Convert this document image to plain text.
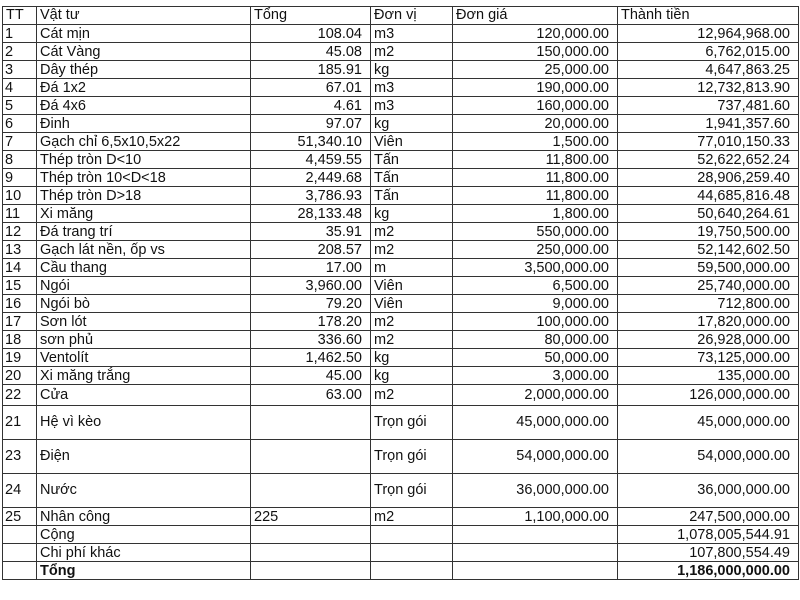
TT	Vật tư	Tổng	Đơn vị	Đơn giá	Thành tiền
1	Cát mịn	108.04	m3	120,000.00	12,964,968.00
2	Cát Vàng	45.08	m2	150,000.00	6,762,015.00
3	Dây thép	185.91	kg	25,000.00	4,647,863.25
4	Đá 1x2	67.01	m3	190,000.00	12,732,813.90
5	Đá 4x6	4.61	m3	160,000.00	737,481.60
6	Đinh	97.07	kg	20,000.00	1,941,357.60
7	Gạch chỉ 6,5x10,5x22	51,340.10	Viên	1,500.00	77,010,150.33
8	Thép tròn D<10	4,459.55	Tấn	11,800.00	52,622,652.24
9	Thép tròn 10<D<18	2,449.68	Tấn	11,800.00	28,906,259.40
10	Thép tròn D>18	3,786.93	Tấn	11,800.00	44,685,816.48
11	Xi măng	28,133.48	kg	1,800.00	50,640,264.61
12	Đá trang trí	35.91	m2	550,000.00	19,750,500.00
13	Gạch lát nền, ốp vs	208.57	m2	250,000.00	52,142,602.50
14	Cầu thang	17.00	m	3,500,000.00	59,500,000.00
15	Ngói	3,960.00	Viên	6,500.00	25,740,000.00
16	Ngói bò	79.20	Viên	9,000.00	712,800.00
17	Sơn lót	178.20	m2	100,000.00	17,820,000.00
18	sơn phủ	336.60	m2	80,000.00	26,928,000.00
19	Ventolít	1,462.50	kg	50,000.00	73,125,000.00
20	Xi măng trắng	45.00	kg	3,000.00	135,000.00
22	Cửa	63.00	m2	2,000,000.00	126,000,000.00
21	Hệ vì kèo		Trọn gói	45,000,000.00	45,000,000.00
23	Điện		Trọn gói	54,000,000.00	54,000,000.00
24	Nước		Trọn gói	36,000,000.00	36,000,000.00
25	Nhân công	225	m2	1,100,000.00	247,500,000.00
	Cộng				1,078,005,544.91
	Chi phí khác				107,800,554.49
	Tổng				1,186,000,000.00
